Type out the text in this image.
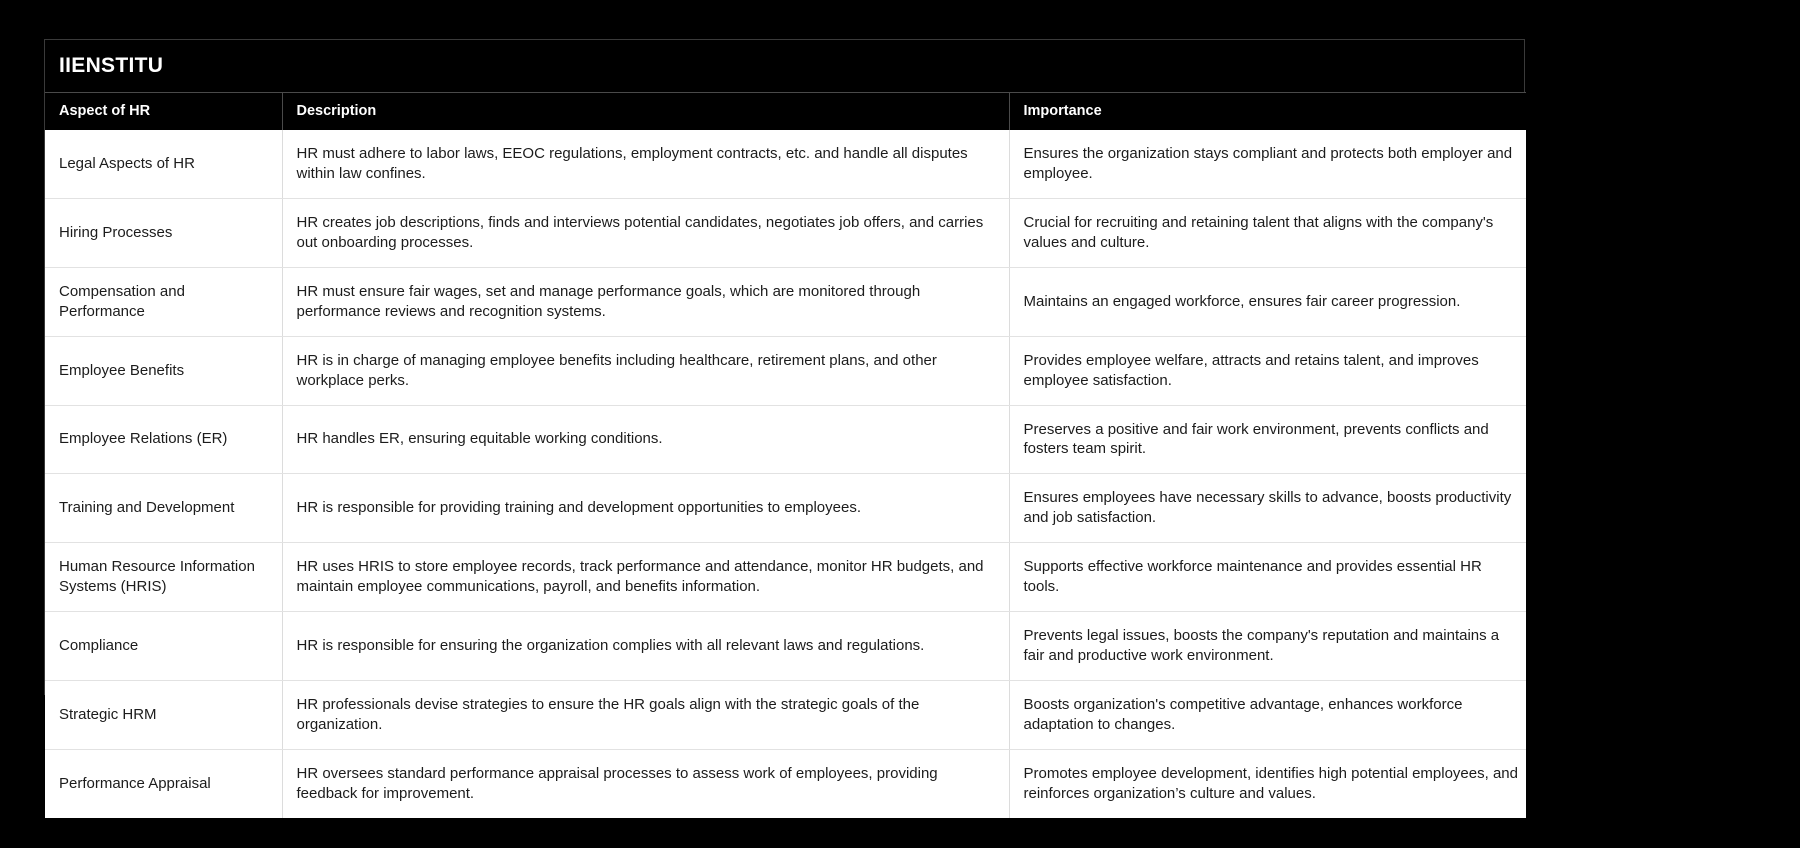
IIENSTITU
Aspect of HR	Description	Importance
Legal Aspects of HR	HR must adhere to labor laws, EEOC regulations, employment contracts, etc. and handle all disputes within law confines.	Ensures the organization stays compliant and protects both employer and employee.
Hiring Processes	HR creates job descriptions, finds and interviews potential candidates, negotiates job offers, and carries out onboarding processes.	Crucial for recruiting and retaining talent that aligns with the company's values and culture.
Compensation and Performance	HR must ensure fair wages, set and manage performance goals, which are monitored through performance reviews and recognition systems.	Maintains an engaged workforce, ensures fair career progression.
Employee Benefits	HR is in charge of managing employee benefits including healthcare, retirement plans, and other workplace perks.	Provides employee welfare, attracts and retains talent, and improves employee satisfaction.
Employee Relations (ER)	HR handles ER, ensuring equitable working conditions.	Preserves a positive and fair work environment, prevents conflicts and fosters team spirit.
Training and Development	HR is responsible for providing training and development opportunities to employees.	Ensures employees have necessary skills to advance, boosts productivity and job satisfaction.
Human Resource Information Systems (HRIS)	HR uses HRIS to store employee records, track performance and attendance, monitor HR budgets, and maintain employee communications, payroll, and benefits information.	Supports effective workforce maintenance and provides essential HR tools.
Compliance	HR is responsible for ensuring the organization complies with all relevant laws and regulations.	Prevents legal issues, boosts the company's reputation and maintains a fair and productive work environment.
Strategic HRM	HR professionals devise strategies to ensure the HR goals align with the strategic goals of the organization.	Boosts organization's competitive advantage, enhances workforce adaptation to changes.
Performance Appraisal	HR oversees standard performance appraisal processes to assess work of employees, providing feedback for improvement.	Promotes employee development, identifies high potential employees, and reinforces organization’s culture and values.
